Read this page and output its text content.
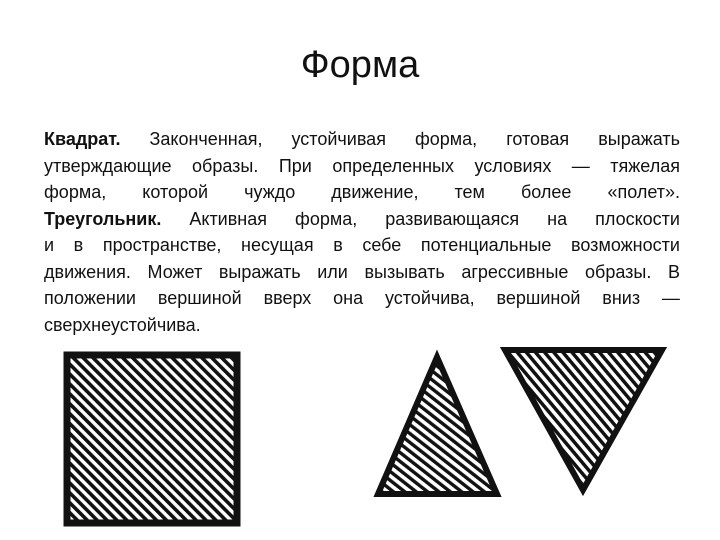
Форма
Квадрат. Законченная, устойчивая форма, готовая выражать
утверждающие образы. При определенных условиях — тяжелая
форма, которой чуждо движение, тем более «полет».
Треугольник. Активная форма, развивающаяся на плоскости
и в пространстве, несущая в себе потенциальные возможности
движения. Может выражать или вызывать агрессивные образы. В
положении вершиной вверх она устойчива, вершиной вниз —
сверхнеустойчива.
